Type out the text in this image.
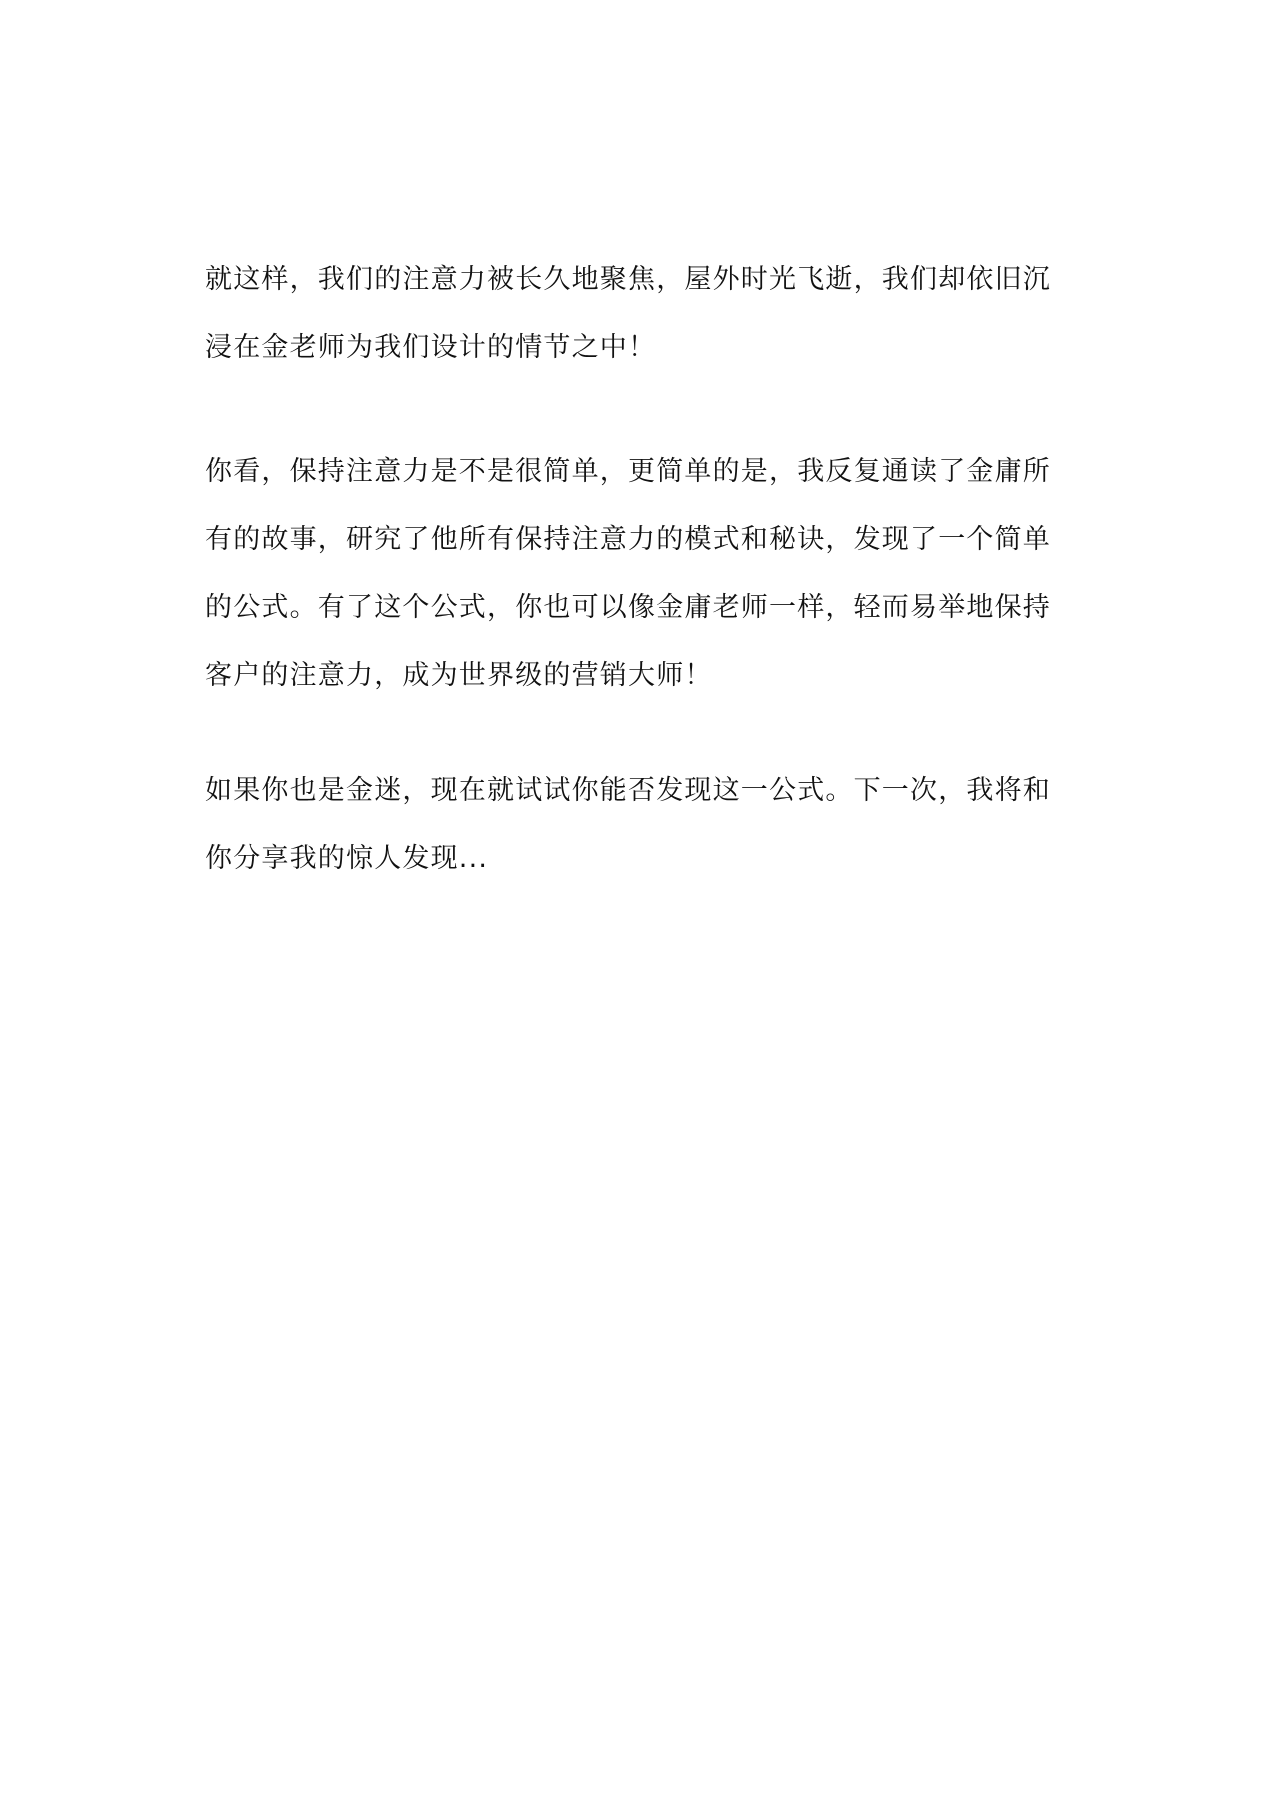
就这样，我们的注意力被长久地聚焦，屋外时光飞逝，我们却依旧沉
浸在金老师为我们设计的情节之中！
你看，保持注意力是不是很简单，更简单的是，我反复通读了金庸所
有的故事，研究了他所有保持注意力的模式和秘诀，发现了一个简单
的公式。有了这个公式，你也可以像金庸老师一样，轻而易举地保持
客户的注意力，成为世界级的营销大师！
如果你也是金迷，现在就试试你能否发现这一公式。下一次，我将和
你分享我的惊人发现...
